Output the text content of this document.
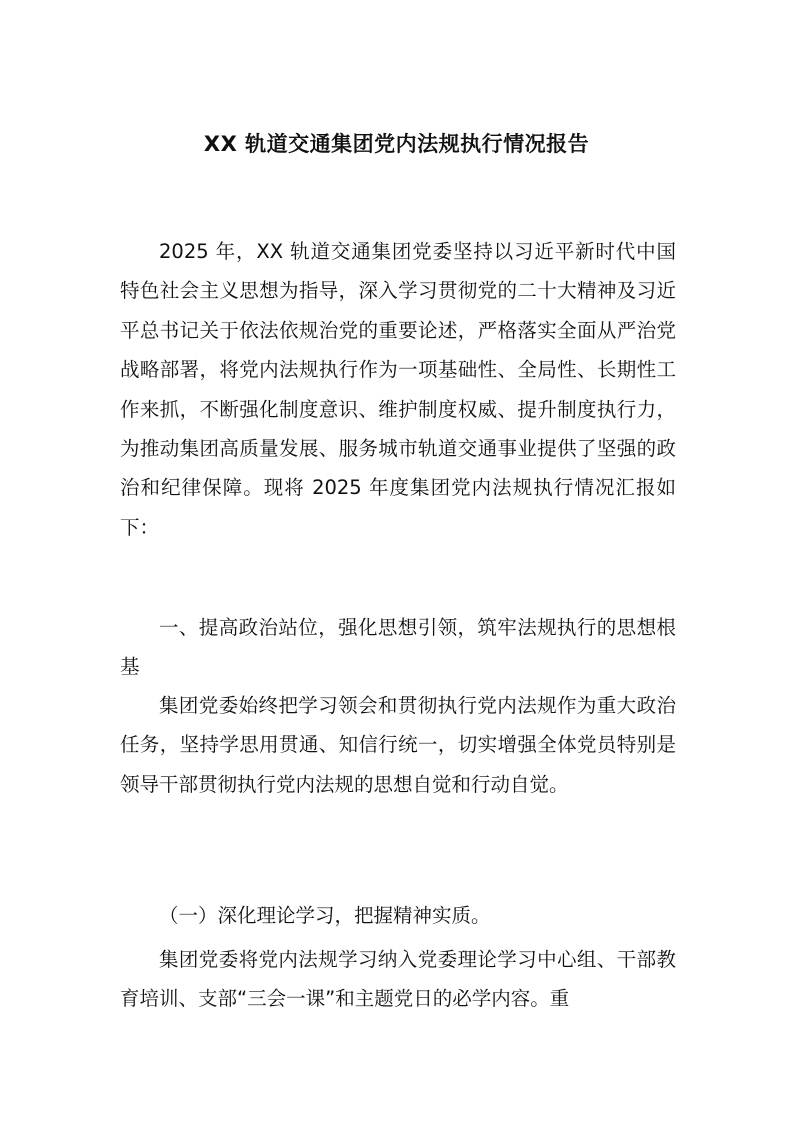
XX 轨道交通集团党内法规执行情况报告

2025 年，XX 轨道交通集团党委坚持以习近平新时代中国特色社会主义思想为指导，深入学习贯彻党的二十大精神及习近平总书记关于依法依规治党的重要论述，严格落实全面从严治党战略部署，将党内法规执行作为一项基础性、全局性、长期性工作来抓，不断强化制度意识、维护制度权威、提升制度执行力，为推动集团高质量发展、服务城市轨道交通事业提供了坚强的政治和纪律保障。现将 2025 年度集团党内法规执行情况汇报如下：

一、提高政治站位，强化思想引领，筑牢法规执行的思想根基

集团党委始终把学习领会和贯彻执行党内法规作为重大政治任务，坚持学思用贯通、知信行统一，切实增强全体党员特别是领导干部贯彻执行党内法规的思想自觉和行动自觉。

（一）深化理论学习，把握精神实质。

集团党委将党内法规学习纳入党委理论学习中心组、干部教育培训、支部“三会一课”和主题党日的必学内容。重
